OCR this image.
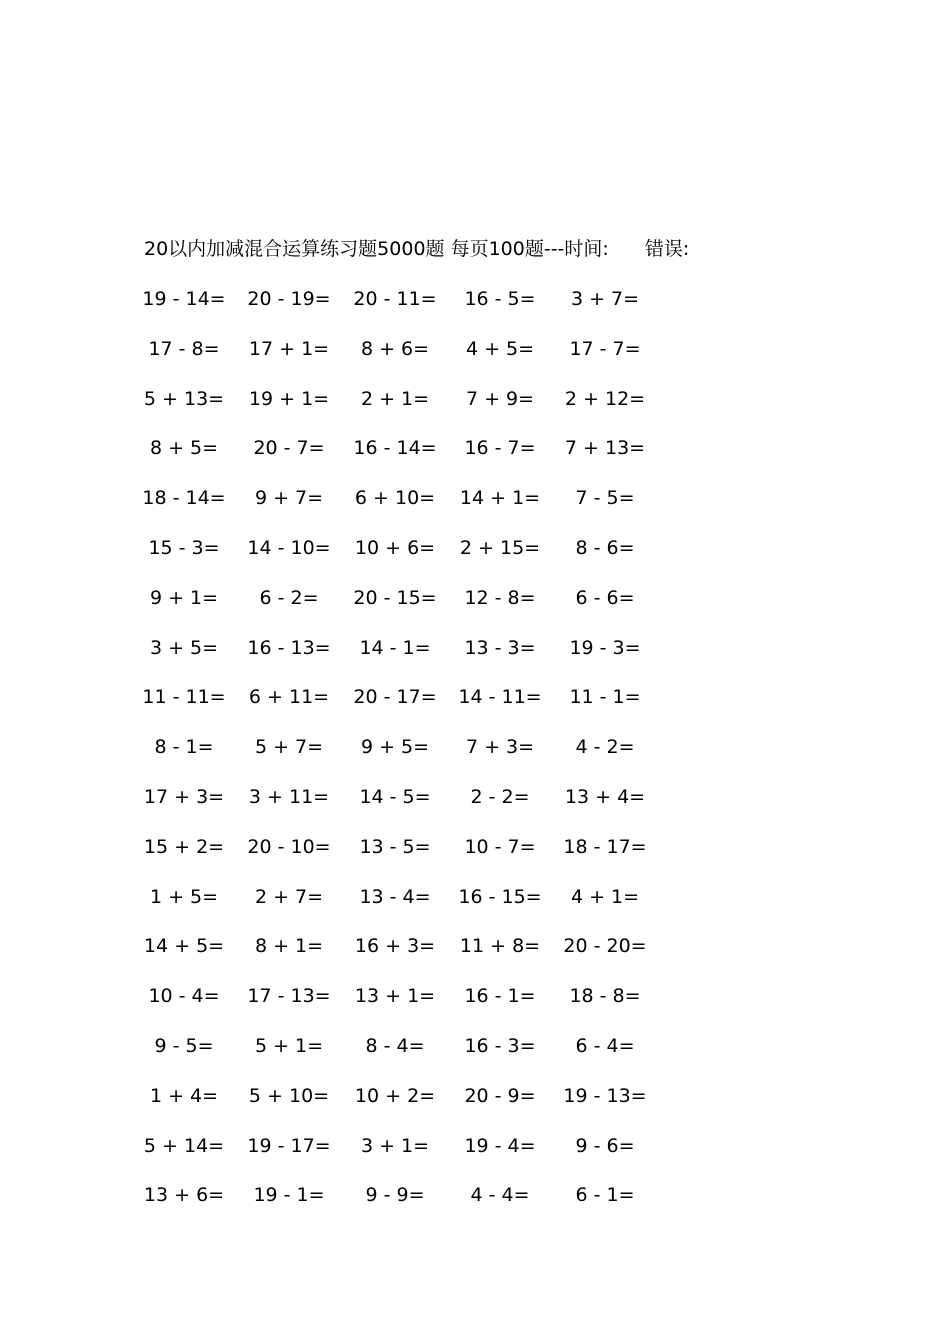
20以内加减混合运算练习题5000题 每页100题---时间: 错误:
19 - 14=	20 - 19=	20 - 11=	16 - 5=	3 + 7=
17 - 8=	17 + 1=	8 + 6=	4 + 5=	17 - 7=
5 + 13=	19 + 1=	2 + 1=	7 + 9=	2 + 12=
8 + 5=	20 - 7=	16 - 14=	16 - 7=	7 + 13=
18 - 14=	9 + 7=	6 + 10=	14 + 1=	7 - 5=
15 - 3=	14 - 10=	10 + 6=	2 + 15=	8 - 6=
9 + 1=	6 - 2=	20 - 15=	12 - 8=	6 - 6=
3 + 5=	16 - 13=	14 - 1=	13 - 3=	19 - 3=
11 - 11=	6 + 11=	20 - 17=	14 - 11=	11 - 1=
8 - 1=	5 + 7=	9 + 5=	7 + 3=	4 - 2=
17 + 3=	3 + 11=	14 - 5=	2 - 2=	13 + 4=
15 + 2=	20 - 10=	13 - 5=	10 - 7=	18 - 17=
1 + 5=	2 + 7=	13 - 4=	16 - 15=	4 + 1=
14 + 5=	8 + 1=	16 + 3=	11 + 8=	20 - 20=
10 - 4=	17 - 13=	13 + 1=	16 - 1=	18 - 8=
9 - 5=	5 + 1=	8 - 4=	16 - 3=	6 - 4=
1 + 4=	5 + 10=	10 + 2=	20 - 9=	19 - 13=
5 + 14=	19 - 17=	3 + 1=	19 - 4=	9 - 6=
13 + 6=	19 - 1=	9 - 9=	4 - 4=	6 - 1=
